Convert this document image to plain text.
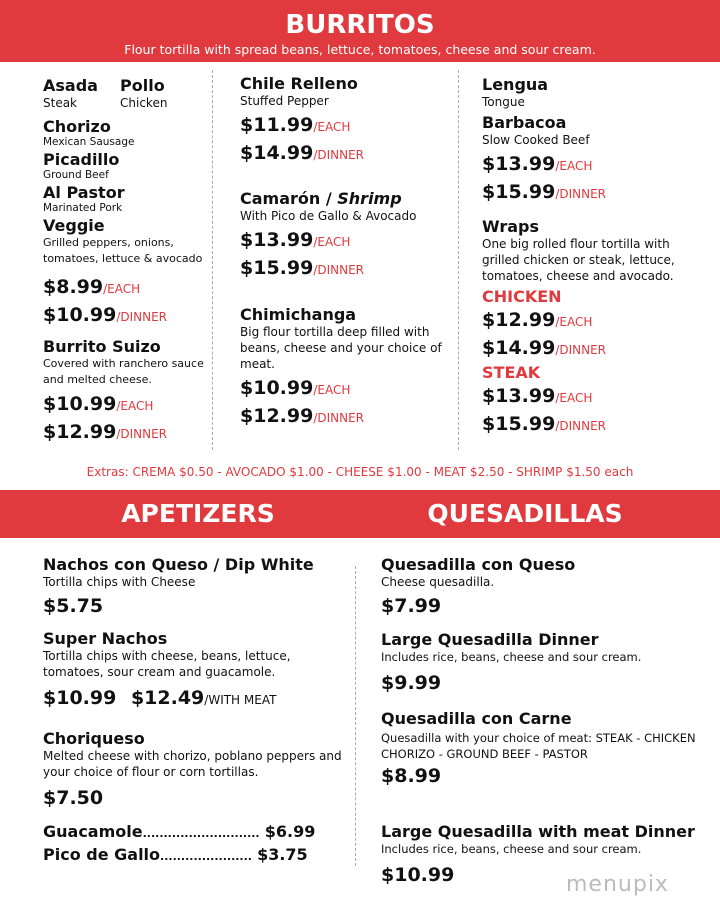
BURRITOS
Flour tortilla with spread beans, lettuce, tomatoes, cheese and sour cream.
Asada
Steak
Pollo
Chicken
Chorizo
Mexican Sausage
Picadillo
Ground Beef
Al Pastor
Marinated Pork
Veggie
Grilled peppers, onions, tomatoes, lettuce & avocado
$8.99/EACH
$10.99/DINNER
Burrito Suizo
Covered with ranchero sauce and melted cheese.
$10.99/EACH
$12.99/DINNER
Chile Relleno
Stuffed Pepper
$11.99/EACH
$14.99/DINNER
Camarón / Shrimp
With Pico de Gallo & Avocado
$13.99/EACH
$15.99/DINNER
Chimichanga
Big flour tortilla deep filled with beans, cheese and your choice of meat.
$10.99/EACH
$12.99/DINNER
Lengua
Tongue
Barbacoa
Slow Cooked Beef
$13.99/EACH
$15.99/DINNER
Wraps
One big rolled flour tortilla with grilled chicken or steak, lettuce, tomatoes, cheese and avocado.
CHICKEN
$12.99/EACH
$14.99/DINNER
STEAK
$13.99/EACH
$15.99/DINNER
Extras: CREMA $0.50 - AVOCADO $1.00 - CHEESE $1.00 - MEAT $2.50 - SHRIMP $1.50 each
APETIZERS	QUESADILLAS
Nachos con Queso / Dip White
Tortilla chips with Cheese
$5.75
Super Nachos
Tortilla chips with cheese, beans, lettuce, tomatoes, sour cream and guacamole.
$10.99 $12.49/WITH MEAT
Choriqueso
Melted cheese with chorizo, poblano peppers and your choice of flour or corn tortillas.
$7.50
Guacamole............................ $6.99
Pico de Gallo...................... $3.75
Quesadilla con Queso
Cheese quesadilla.
$7.99
Large Quesadilla Dinner
Includes rice, beans, cheese and sour cream.
$9.99
Quesadilla con Carne
Quesadilla with your choice of meat: STEAK - CHICKEN CHORIZO - GROUND BEEF - PASTOR
$8.99
Large Quesadilla with meat Dinner
Includes rice, beans, cheese and sour cream.
$10.99	menupix
